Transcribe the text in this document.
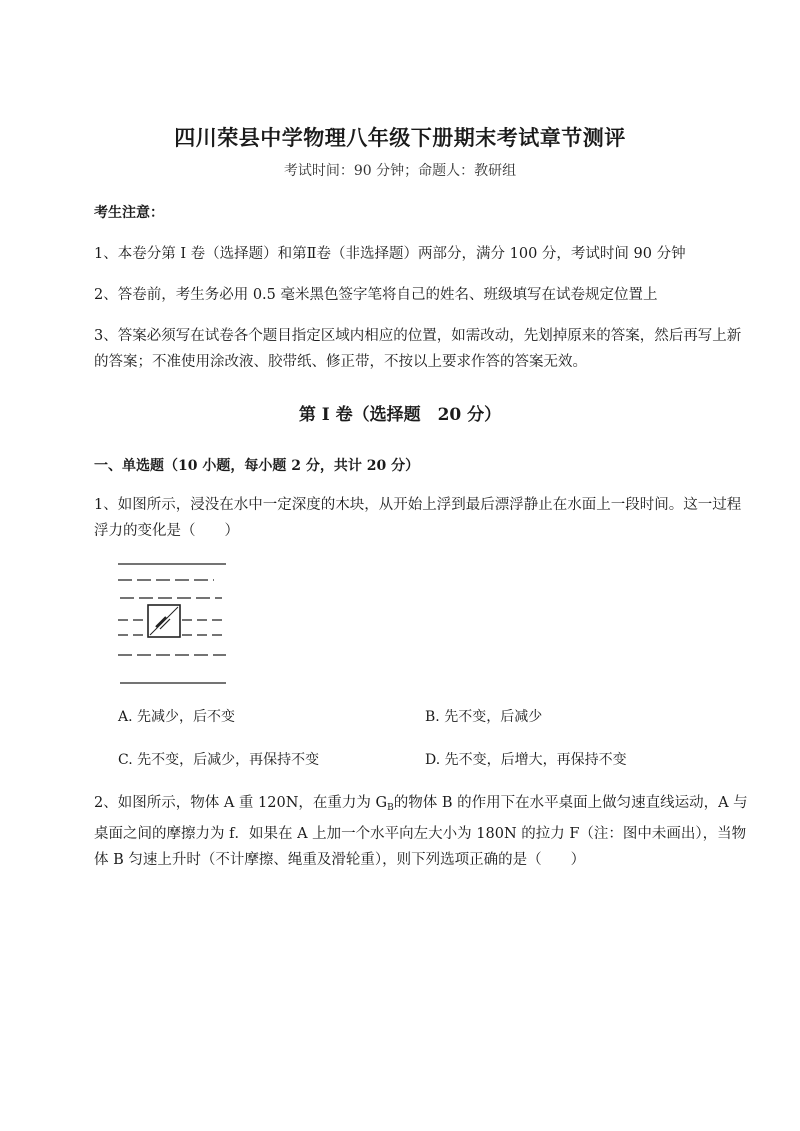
四川荣县中学物理八年级下册期末考试章节测评
考试时间：90 分钟；命题人：教研组
考生注意：
1、本卷分第 I 卷（选择题）和第Ⅱ卷（非选择题）两部分，满分 100 分，考试时间 90 分钟
2、答卷前，考生务必用 0.5 毫米黑色签字笔将自己的姓名、班级填写在试卷规定位置上
3、答案必须写在试卷各个题目指定区域内相应的位置，如需改动，先划掉原来的答案，然后再写上新的答案；不准使用涂改液、胶带纸、修正带，不按以上要求作答的答案无效。
第 I 卷（选择题　20 分）
一、单选题（10 小题，每小题 2 分，共计 20 分）
1、如图所示，浸没在水中一定深度的木块，从开始上浮到最后漂浮静止在水面上一段时间。这一过程浮力的变化是（　　）
A. 先减少，后不变	B. 先不变，后减少
C. 先不变，后减少，再保持不变	D. 先不变，后增大，再保持不变
2、如图所示，物体 A 重 120N，在重力为 $G_B$的物体 B 的作用下在水平桌面上做匀速直线运动，A 与桌面之间的摩擦力为 f．如果在 A 上加一个水平向左大小为 180N 的拉力 F（注：图中未画出），当物体 B 匀速上升时（不计摩擦、绳重及滑轮重），则下列选项正确的是（　　）
